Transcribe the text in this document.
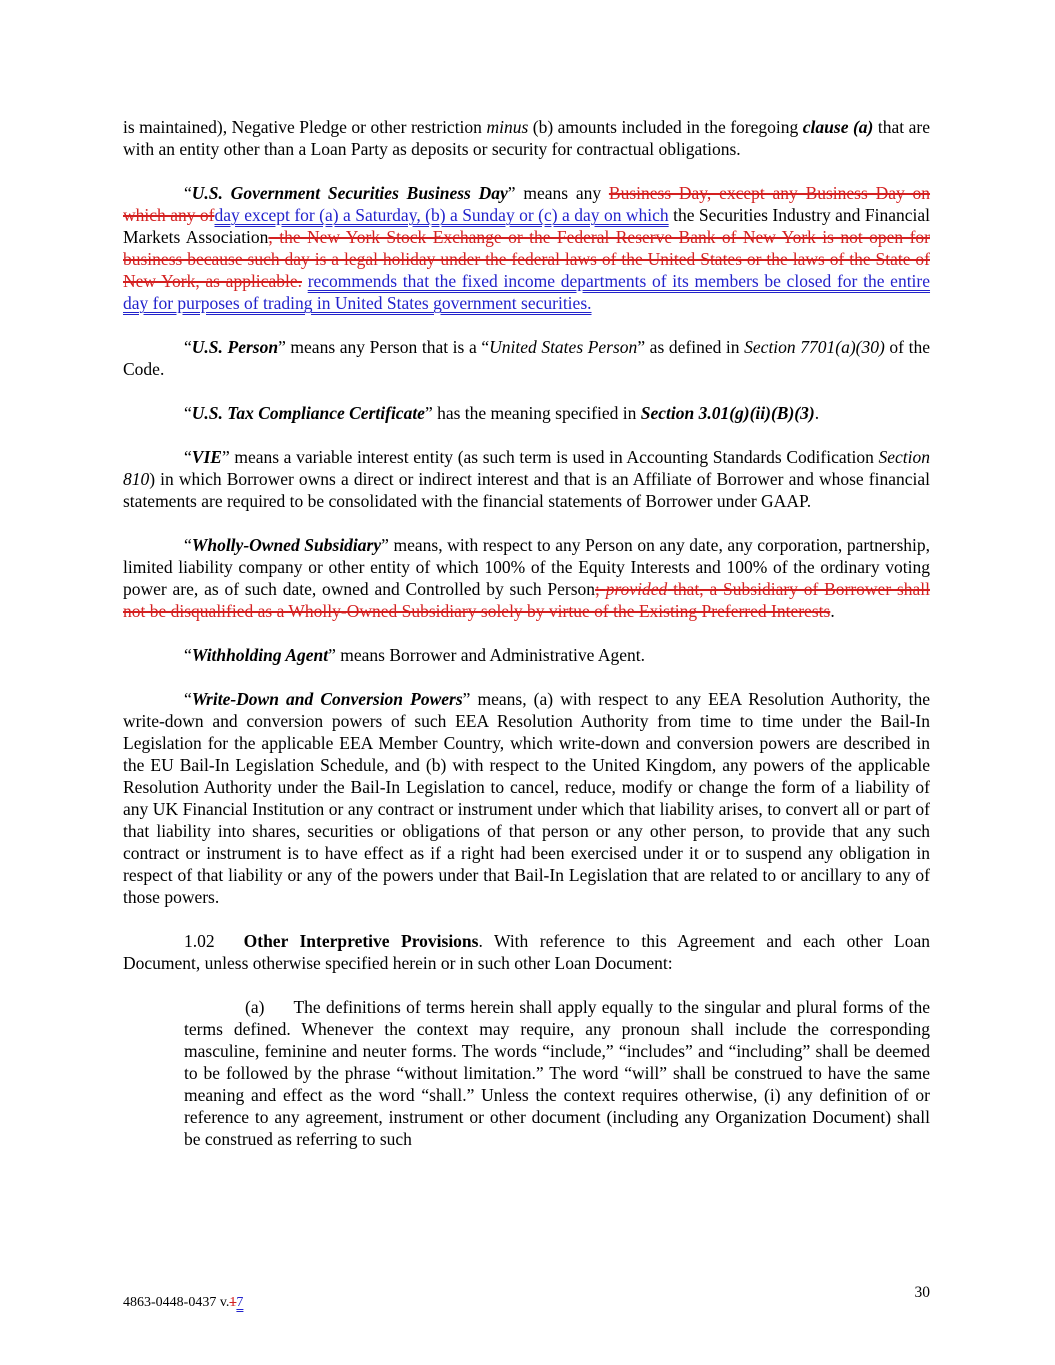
is maintained), Negative Pledge or other restriction minus (b) amounts included in the foregoing clause (a) that are with an entity other than a Loan Party as deposits or security for contractual obligations.

“U.S. Government Securities Business Day” means any Business Day, except any Business Day on which any ofday except for (a) a Saturday, (b) a Sunday or (c) a day on which the Securities Industry and Financial Markets Association, the New York Stock Exchange or the Federal Reserve Bank of New York is not open for business because such day is a legal holiday under the federal laws of the United States or the laws of the State of New York, as applicable. recommends that the fixed income departments of its members be closed for the entire day for purposes of trading in United States government securities.

“U.S. Person” means any Person that is a “United States Person” as defined in Section 7701(a)(30) of the Code.

“U.S. Tax Compliance Certificate” has the meaning specified in Section 3.01(g)(ii)(B)(3).

“VIE” means a variable interest entity (as such term is used in Accounting Standards Codification Section 810) in which Borrower owns a direct or indirect interest and that is an Affiliate of Borrower and whose financial statements are required to be consolidated with the financial statements of Borrower under GAAP.

“Wholly-Owned Subsidiary” means, with respect to any Person on any date, any corporation, partnership, limited liability company or other entity of which 100% of the Equity Interests and 100% of the ordinary voting power are, as of such date, owned and Controlled by such Person; provided that, a Subsidiary of Borrower shall not be disqualified as a Wholly-Owned Subsidiary solely by virtue of the Existing Preferred Interests.

“Withholding Agent” means Borrower and Administrative Agent.

“Write-Down and Conversion Powers” means, (a) with respect to any EEA Resolution Authority, the write-down and conversion powers of such EEA Resolution Authority from time to time under the Bail-In Legislation for the applicable EEA Member Country, which write-down and conversion powers are described in the EU Bail-In Legislation Schedule, and (b) with respect to the United Kingdom, any powers of the applicable Resolution Authority under the Bail-In Legislation to cancel, reduce, modify or change the form of a liability of any UK Financial Institution or any contract or instrument under which that liability arises, to convert all or part of that liability into shares, securities or obligations of that person or any other person, to provide that any such contract or instrument is to have effect as if a right had been exercised under it or to suspend any obligation in respect of that liability or any of the powers under that Bail-In Legislation that are related to or ancillary to any of those powers.

1.02 Other Interpretive Provisions. With reference to this Agreement and each other Loan Document, unless otherwise specified herein or in such other Loan Document:

(a) The definitions of terms herein shall apply equally to the singular and plural forms of the terms defined. Whenever the context may require, any pronoun shall include the corresponding masculine, feminine and neuter forms. The words “include,” “includes” and “including” shall be deemed to be followed by the phrase “without limitation.” The word “will” shall be construed to have the same meaning and effect as the word “shall.” Unless the context requires otherwise, (i) any definition of or reference to any agreement, instrument or other document (including any Organization Document) shall be construed as referring to such

4863-0448-0437 v.17
30
